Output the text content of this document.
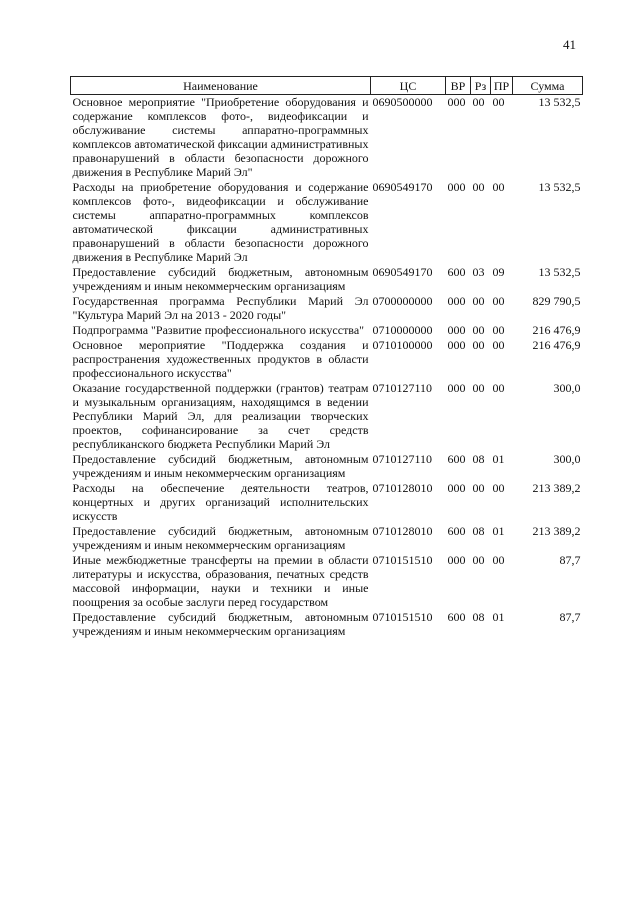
41
Наименование	ЦС	ВР	Рз	ПР	Сумма
Основное мероприятие "Приобретение оборудования и содержание комплексов фото-, видеофиксации и обслуживание системы аппаратно-программных комплексов автоматической фиксации административных правонарушений в области безопасности дорожного движения в Республике Марий Эл"	0690500000	000	00	00	13 532,5
Расходы на приобретение оборудования и содержание комплексов фото-, видеофиксации и обслуживание системы аппаратно-программных комплексов автоматической фиксации административных правонарушений в области безопасности дорожного движения в Республике Марий Эл	0690549170	000	00	00	13 532,5
Предоставление субсидий бюджетным, автономным учреждениям и иным некоммерческим организациям	0690549170	600	03	09	13 532,5
Государственная программа Республики Марий Эл "Культура Марий Эл на 2013 - 2020 годы"	0700000000	000	00	00	829 790,5
Подпрограмма "Развитие профессионального искусства"	0710000000	000	00	00	216 476,9
Основное мероприятие "Поддержка создания и распространения художественных продуктов в области профессионального искусства"	0710100000	000	00	00	216 476,9
Оказание государственной поддержки (грантов) театрам и музыкальным организациям, находящимся в ведении Республики Марий Эл, для реализации творческих проектов, софинансирование за счет средств республиканского бюджета Республики Марий Эл	0710127110	000	00	00	300,0
Предоставление субсидий бюджетным, автономным учреждениям и иным некоммерческим организациям	0710127110	600	08	01	300,0
Расходы на обеспечение деятельности театров, концертных и других организаций исполнительских искусств	0710128010	000	00	00	213 389,2
Предоставление субсидий бюджетным, автономным учреждениям и иным некоммерческим организациям	0710128010	600	08	01	213 389,2
Иные межбюджетные трансферты на премии в области литературы и искусства, образования, печатных средств массовой информации, науки и техники и иные поощрения за особые заслуги перед государством	0710151510	000	00	00	87,7
Предоставление субсидий бюджетным, автономным учреждениям и иным некоммерческим организациям	0710151510	600	08	01	87,7
